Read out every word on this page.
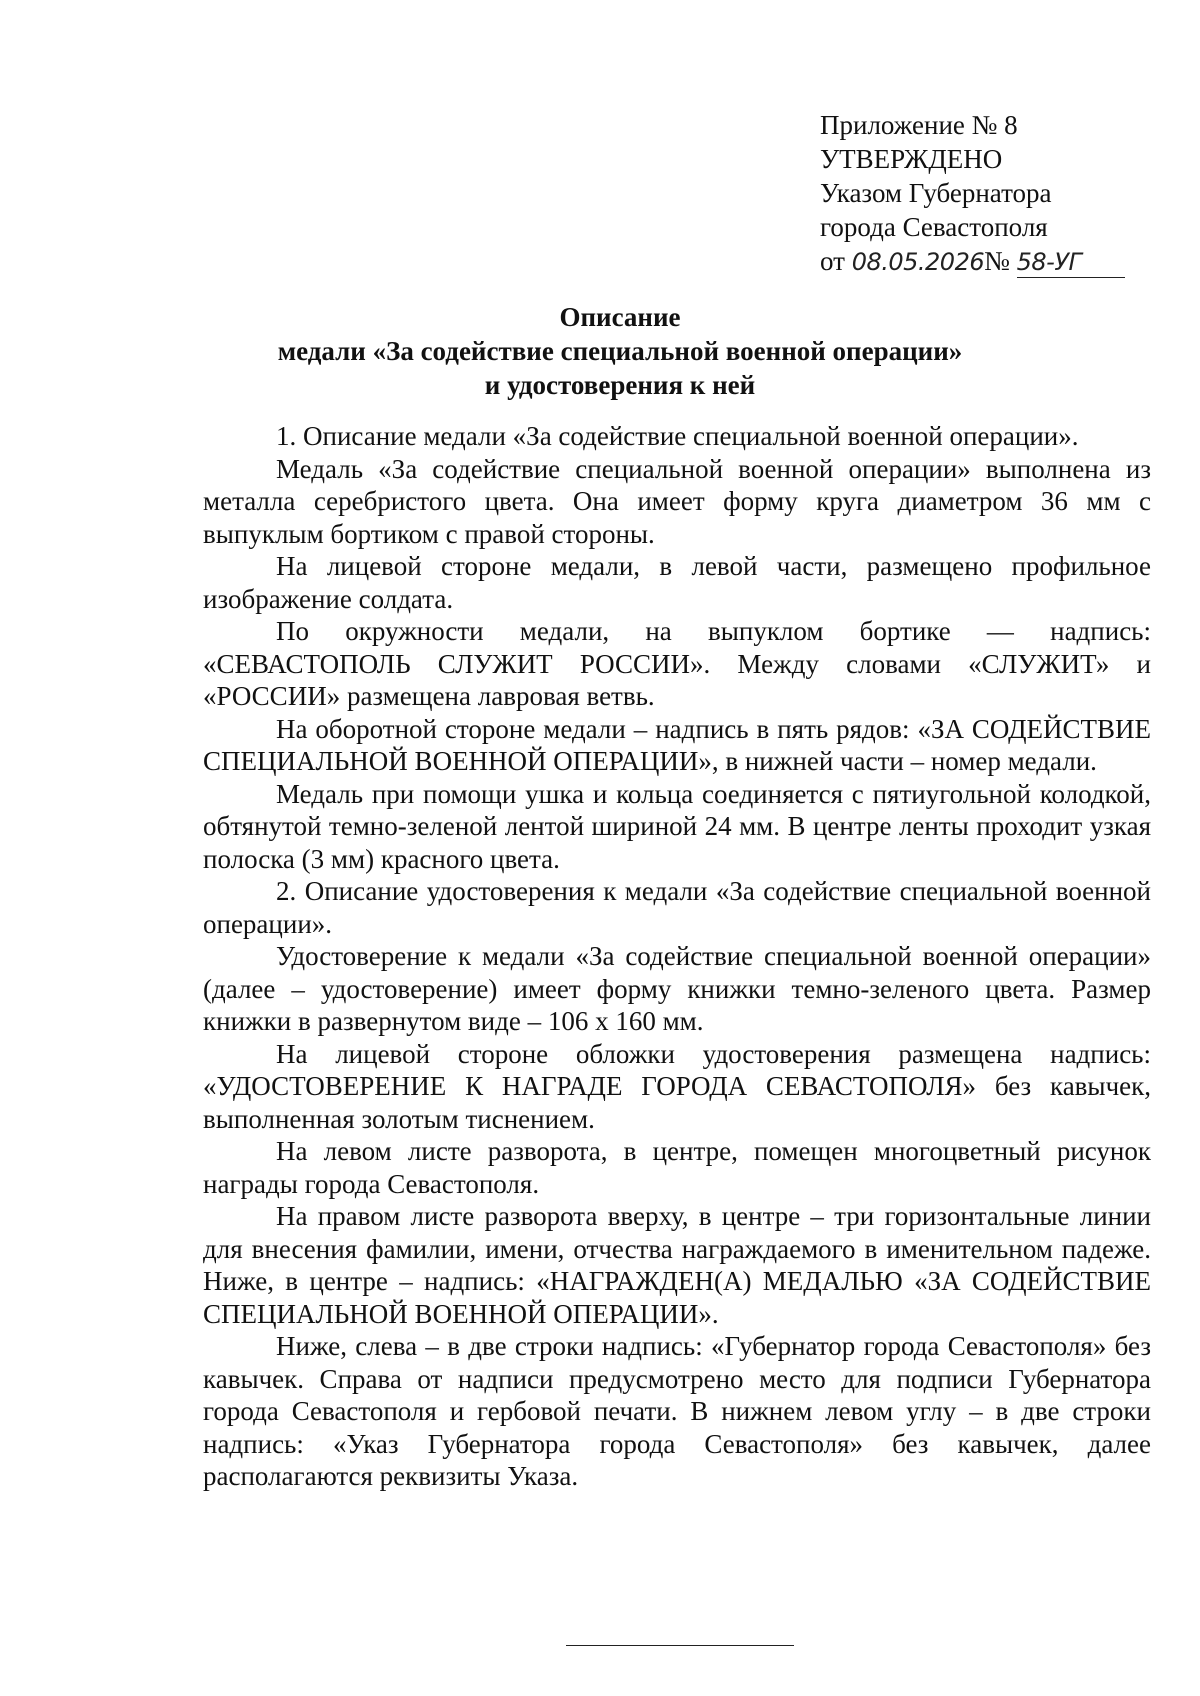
Приложение № 8
УТВЕРЖДЕНО
Указом Губернатора
города Севастополя
от 08.05.2026№ 58-УГ
Описание
медали «За содействие специальной военной операции»
и удостоверения к ней

1. Описание медали «За содействие специальной военной операции».

Медаль «За содействие специальной военной операции» выполнена из металла серебристого цвета. Она имеет форму круга диаметром 36 мм с выпуклым бортиком с правой стороны.

На лицевой стороне медали, в левой части, размещено профильное изображение солдата.

По окружности медали, на выпуклом бортике — надпись: «СЕВАСТОПОЛЬ СЛУЖИТ РОССИИ». Между словами «СЛУЖИТ» и «РОССИИ» размещена лавровая ветвь.

На оборотной стороне медали – надпись в пять рядов: «ЗА СОДЕЙСТВИЕ СПЕЦИАЛЬНОЙ ВОЕННОЙ ОПЕРАЦИИ», в нижней части – номер медали.

Медаль при помощи ушка и кольца соединяется с пятиугольной колодкой, обтянутой темно-зеленой лентой шириной 24 мм. В центре ленты проходит узкая полоска (3 мм) красного цвета.

2. Описание удостоверения к медали «За содействие специальной военной операции».

Удостоверение к медали «За содействие специальной военной операции» (далее – удостоверение) имеет форму книжки темно-зеленого цвета. Размер книжки в развернутом виде – 106 х 160 мм.

На лицевой стороне обложки удостоверения размещена надпись: «УДОСТОВЕРЕНИЕ К НАГРАДЕ ГОРОДА СЕВАСТОПОЛЯ» без кавычек, выполненная золотым тиснением.

На левом листе разворота, в центре, помещен многоцветный рисунок награды города Севастополя.

На правом листе разворота вверху, в центре – три горизонтальные линии для внесения фамилии, имени, отчества награждаемого в именительном падеже. Ниже, в центре – надпись: «НАГРАЖДЕН(А) МЕДАЛЬЮ «ЗА СОДЕЙСТВИЕ СПЕЦИАЛЬНОЙ ВОЕННОЙ ОПЕРАЦИИ».

Ниже, слева – в две строки надпись: «Губернатор города Севастополя» без кавычек. Справа от надписи предусмотрено место для подписи Губернатора города Севастополя и гербовой печати. В нижнем левом углу – в две строки надпись: «Указ Губернатора города Севастополя» без кавычек, далее располагаются реквизиты Указа.
